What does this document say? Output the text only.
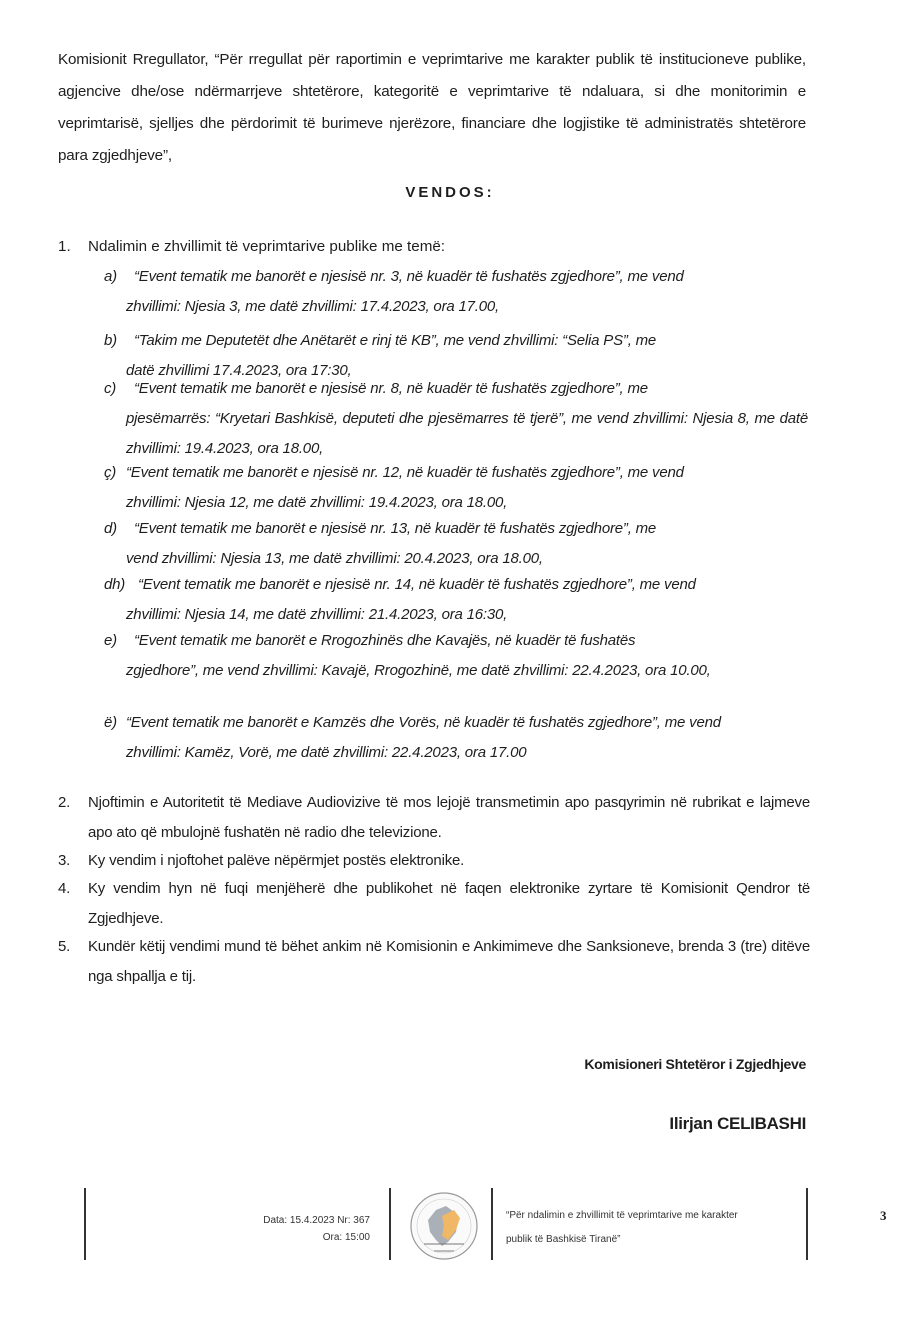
Komisionit Rregullator, “Për rregullat për raportimin e veprimtarive me karakter publik të institucioneve publike, agjencive dhe/ose ndërmarrjeve shtetërore, kategoritë e veprimtarive të ndaluara, si dhe monitorimin e veprimtarisë, sjelljes dhe përdorimit të burimeve njerëzore, financiare dhe logjistike të administratës shtetërore para zgjedhjeve”,
VENDOS:
1. Ndalimin e zhvillimit të veprimtarive publike me temë:
a) “Event tematik me banorët e njesisë nr. 3, në kuadër të fushatës zgjedhore”, me vend
zhvillimi: Njesia 3, me datë zhvillimi: 17.4.2023, ora 17.00,
b) “Takim me Deputetët dhe Anëtarët e rinj të KB”, me vend zhvillimi: “Selia PS”, me
datë zhvillimi 17.4.2023, ora 17:30,
c) “Event tematik me banorët e njesisë nr. 8, në kuadër të fushatës zgjedhore”, me
pjesëmarrës: “Kryetari Bashkisë, deputeti dhe pjesëmarres të tjerë”, me vend zhvillimi: Njesia 8, me datë zhvillimi: 19.4.2023, ora 18.00,
ç) “Event tematik me banorët e njesisë nr. 12, në kuadër të fushatës zgjedhore”, me vend
zhvillimi: Njesia 12, me datë zhvillimi: 19.4.2023, ora 18.00,
d) “Event tematik me banorët e njesisë nr. 13, në kuadër të fushatës zgjedhore”, me
vend zhvillimi: Njesia 13, me datë zhvillimi: 20.4.2023, ora 18.00,
dh) “Event tematik me banorët e njesisë nr. 14, në kuadër të fushatës zgjedhore”, me vend
zhvillimi: Njesia 14, me datë zhvillimi: 21.4.2023, ora 16:30,
e) “Event tematik me banorët e Rrogozhinës dhe Kavajës, në kuadër të fushatës
zgjedhore”, me vend zhvillimi: Kavajë, Rrogozhinë, me datë zhvillimi: 22.4.2023, ora 10.00,
ë) “Event tematik me banorët e Kamzës dhe Vorës, në kuadër të fushatës zgjedhore”, me vend
zhvillimi: Kamëz, Vorë, me datë zhvillimi: 22.4.2023, ora 17.00
2.	Njoftimin e Autoritetit të Mediave Audiovizive të mos lejojë transmetimin apo pasqyrimin në rubrikat e lajmeve apo ato që mbulojnë fushatën në radio dhe televizione.
3.	Ky vendim i njoftohet palëve nëpërmjet postës elektronike.
4.	Ky vendim hyn në fuqi menjëherë dhe publikohet në faqen elektronike zyrtare të Komisionit Qendror të Zgjedhjeve.
5.	Kundër këtij vendimi mund të bëhet ankim në Komisionin e Ankimimeve dhe Sanksioneve, brenda 3 (tre) ditëve nga shpallja e tij.
Komisioneri Shtetëror i Zgjedhjeve
Ilirjan CELIBASHI
Data: 15.4.2023 Nr: 367
Ora: 15:00
“Për ndalimin e zhvillimit të veprimtarive me karakter
publik të Bashkisë Tiranë”
3
